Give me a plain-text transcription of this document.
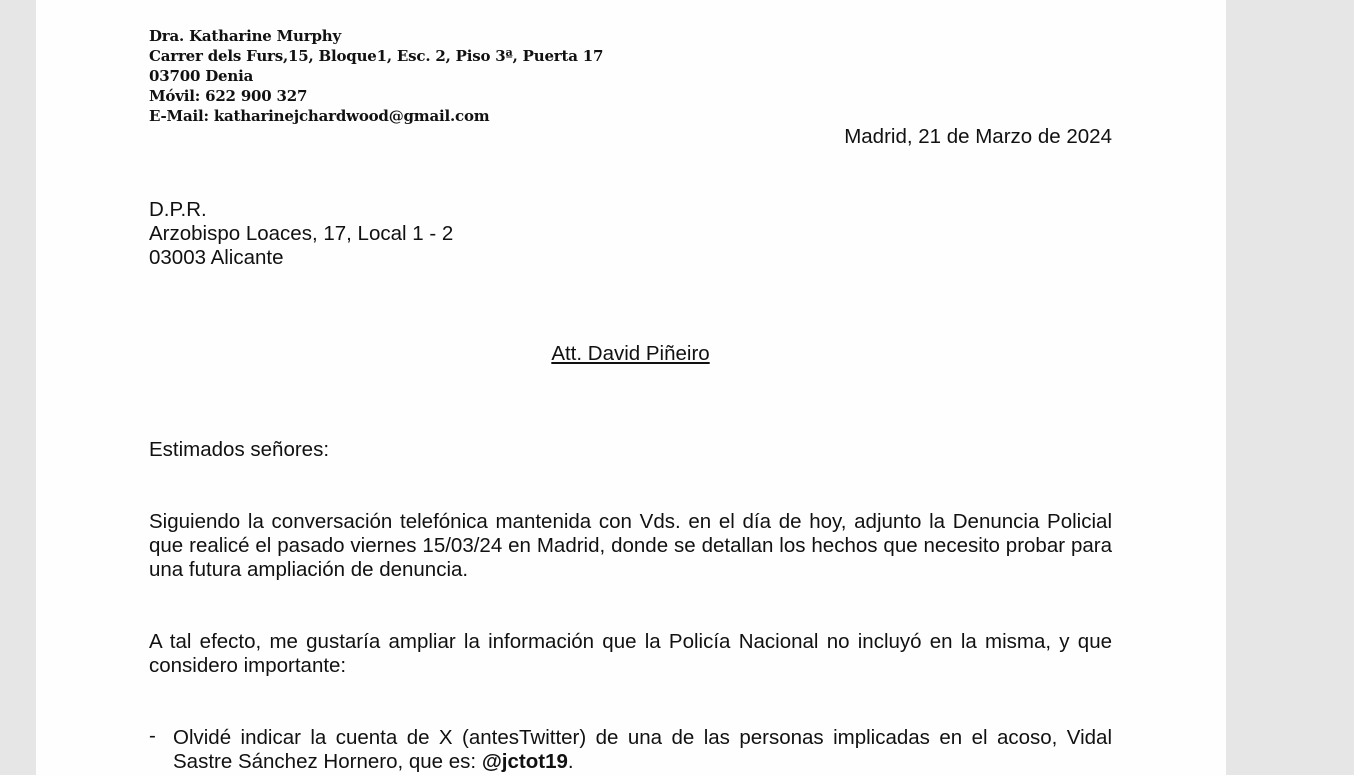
Dra. Katharine Murphy
Carrer dels Furs,15, Bloque1, Esc. 2, Piso 3ª, Puerta 17
03700 Denia
Móvil: 622 900 327
E-Mail: katharinejchardwood@gmail.com
Madrid, 21 de Marzo de 2024
D.P.R.
Arzobispo Loaces, 17, Local 1 - 2
03003 Alicante
Att. David Piñeiro
Estimados señores:
Siguiendo la conversación telefónica mantenida con Vds. en el día de hoy, adjunto la Denuncia Policial que realicé el pasado viernes 15/03/24 en Madrid, donde se detallan los hechos que necesito probar para una futura ampliación de denuncia.
A tal efecto, me gustaría ampliar la información que la Policía Nacional no incluyó en la misma, y que considero importante:
- Olvidé indicar la cuenta de X (antesTwitter) de una de las personas implicadas en el acoso, Vidal Sastre Sánchez Hornero, que es: @jctot19.
